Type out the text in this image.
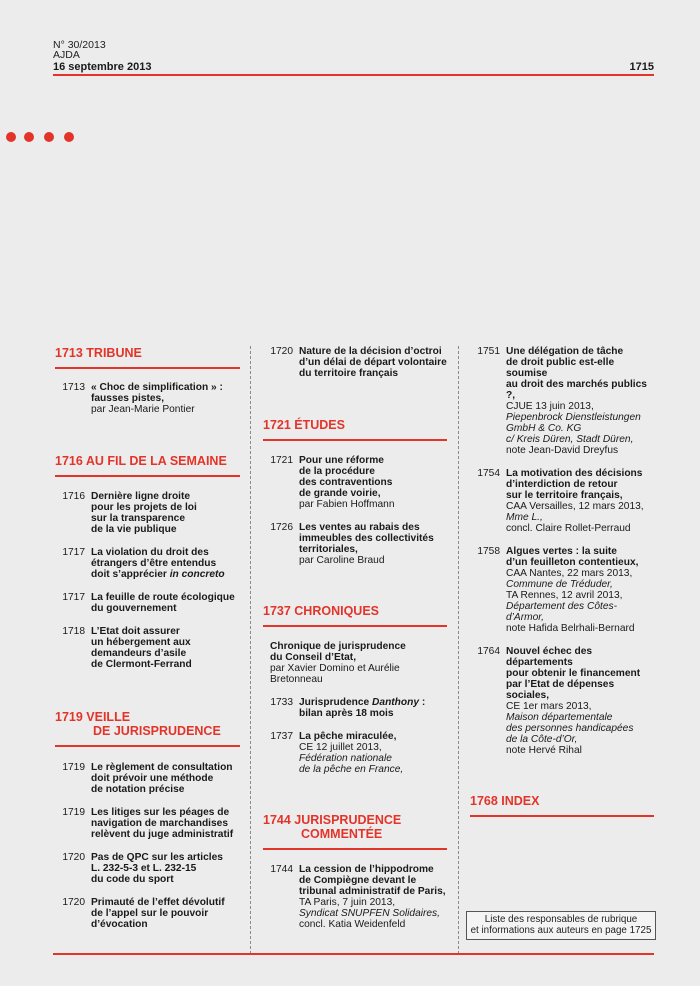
N° 30/2013
AJDA
16 septembre 2013	1715
1713 TRIBUNE
1713 « Choc de simplification » :
fausses pistes,
par Jean-Marie Pontier
1716 AU FIL DE LA SEMAINE
1716 Dernière ligne droite
pour les projets de loi
sur la transparence
de la vie publique
1717 La violation du droit des
étrangers d’être entendus
doit s’apprécier in concreto
1717 La feuille de route écologique
du gouvernement
1718 L’Etat doit assurer
un hébergement aux
demandeurs d’asile
de Clermont-Ferrand
1719 VEILLE
DE JURISPRUDENCE
1719 Le règlement de consultation
doit prévoir une méthode
de notation précise
1719 Les litiges sur les péages de
navigation de marchandises
relèvent du juge administratif
1720 Pas de QPC sur les articles
L. 232-5-3 et L. 232-15
du code du sport
1720 Primauté de l’effet dévolutif
de l’appel sur le pouvoir
d’évocation
1720 Nature de la décision d’octroi
d’un délai de départ volontaire
du territoire français
1721 ÉTUDES
1721 Pour une réforme
de la procédure
des contraventions
de grande voirie,
par Fabien Hoffmann
1726 Les ventes au rabais des
immeubles des collectivités
territoriales,
par Caroline Braud
1737 CHRONIQUES
Chronique de jurisprudence
du Conseil d’Etat,
par Xavier Domino et Aurélie Bretonneau
1733 Jurisprudence Danthony :
bilan après 18 mois
1737 La pêche miraculée,
CE 12 juillet 2013,
Fédération nationale
de la pêche en France,
1744 JURISPRUDENCE
COMMENTÉE
1744 La cession de l’hippodrome
de Compiègne devant le
tribunal administratif de Paris,
TA Paris, 7 juin 2013,
Syndicat SNUPFEN Solidaires,
concl. Katia Weidenfeld
1751 Une délégation de tâche
de droit public est-elle soumise
au droit des marchés publics ?,
CJUE 13 juin 2013,
Piepenbrock Dienstleistungen
GmbH & Co. KG
c/ Kreis Düren, Stadt Düren,
note Jean-David Dreyfus
1754 La motivation des décisions
d’interdiction de retour
sur le territoire français,
CAA Versailles, 12 mars 2013,
Mme L.,
concl. Claire Rollet-Perraud
1758 Algues vertes : la suite
d’un feuilleton contentieux,
CAA Nantes, 22 mars 2013,
Commune de Tréduder,
TA Rennes, 12 avril 2013,
Département des Côtes-d’Armor,
note Hafida Belrhali-Bernard
1764 Nouvel échec des départements
pour obtenir le financement
par l’Etat de dépenses sociales,
CE 1er mars 2013,
Maison départementale
des personnes handicapées
de la Côte-d’Or,
note Hervé Rihal
1768 INDEX
Liste des responsables de rubrique
et informations aux auteurs en page 1725
